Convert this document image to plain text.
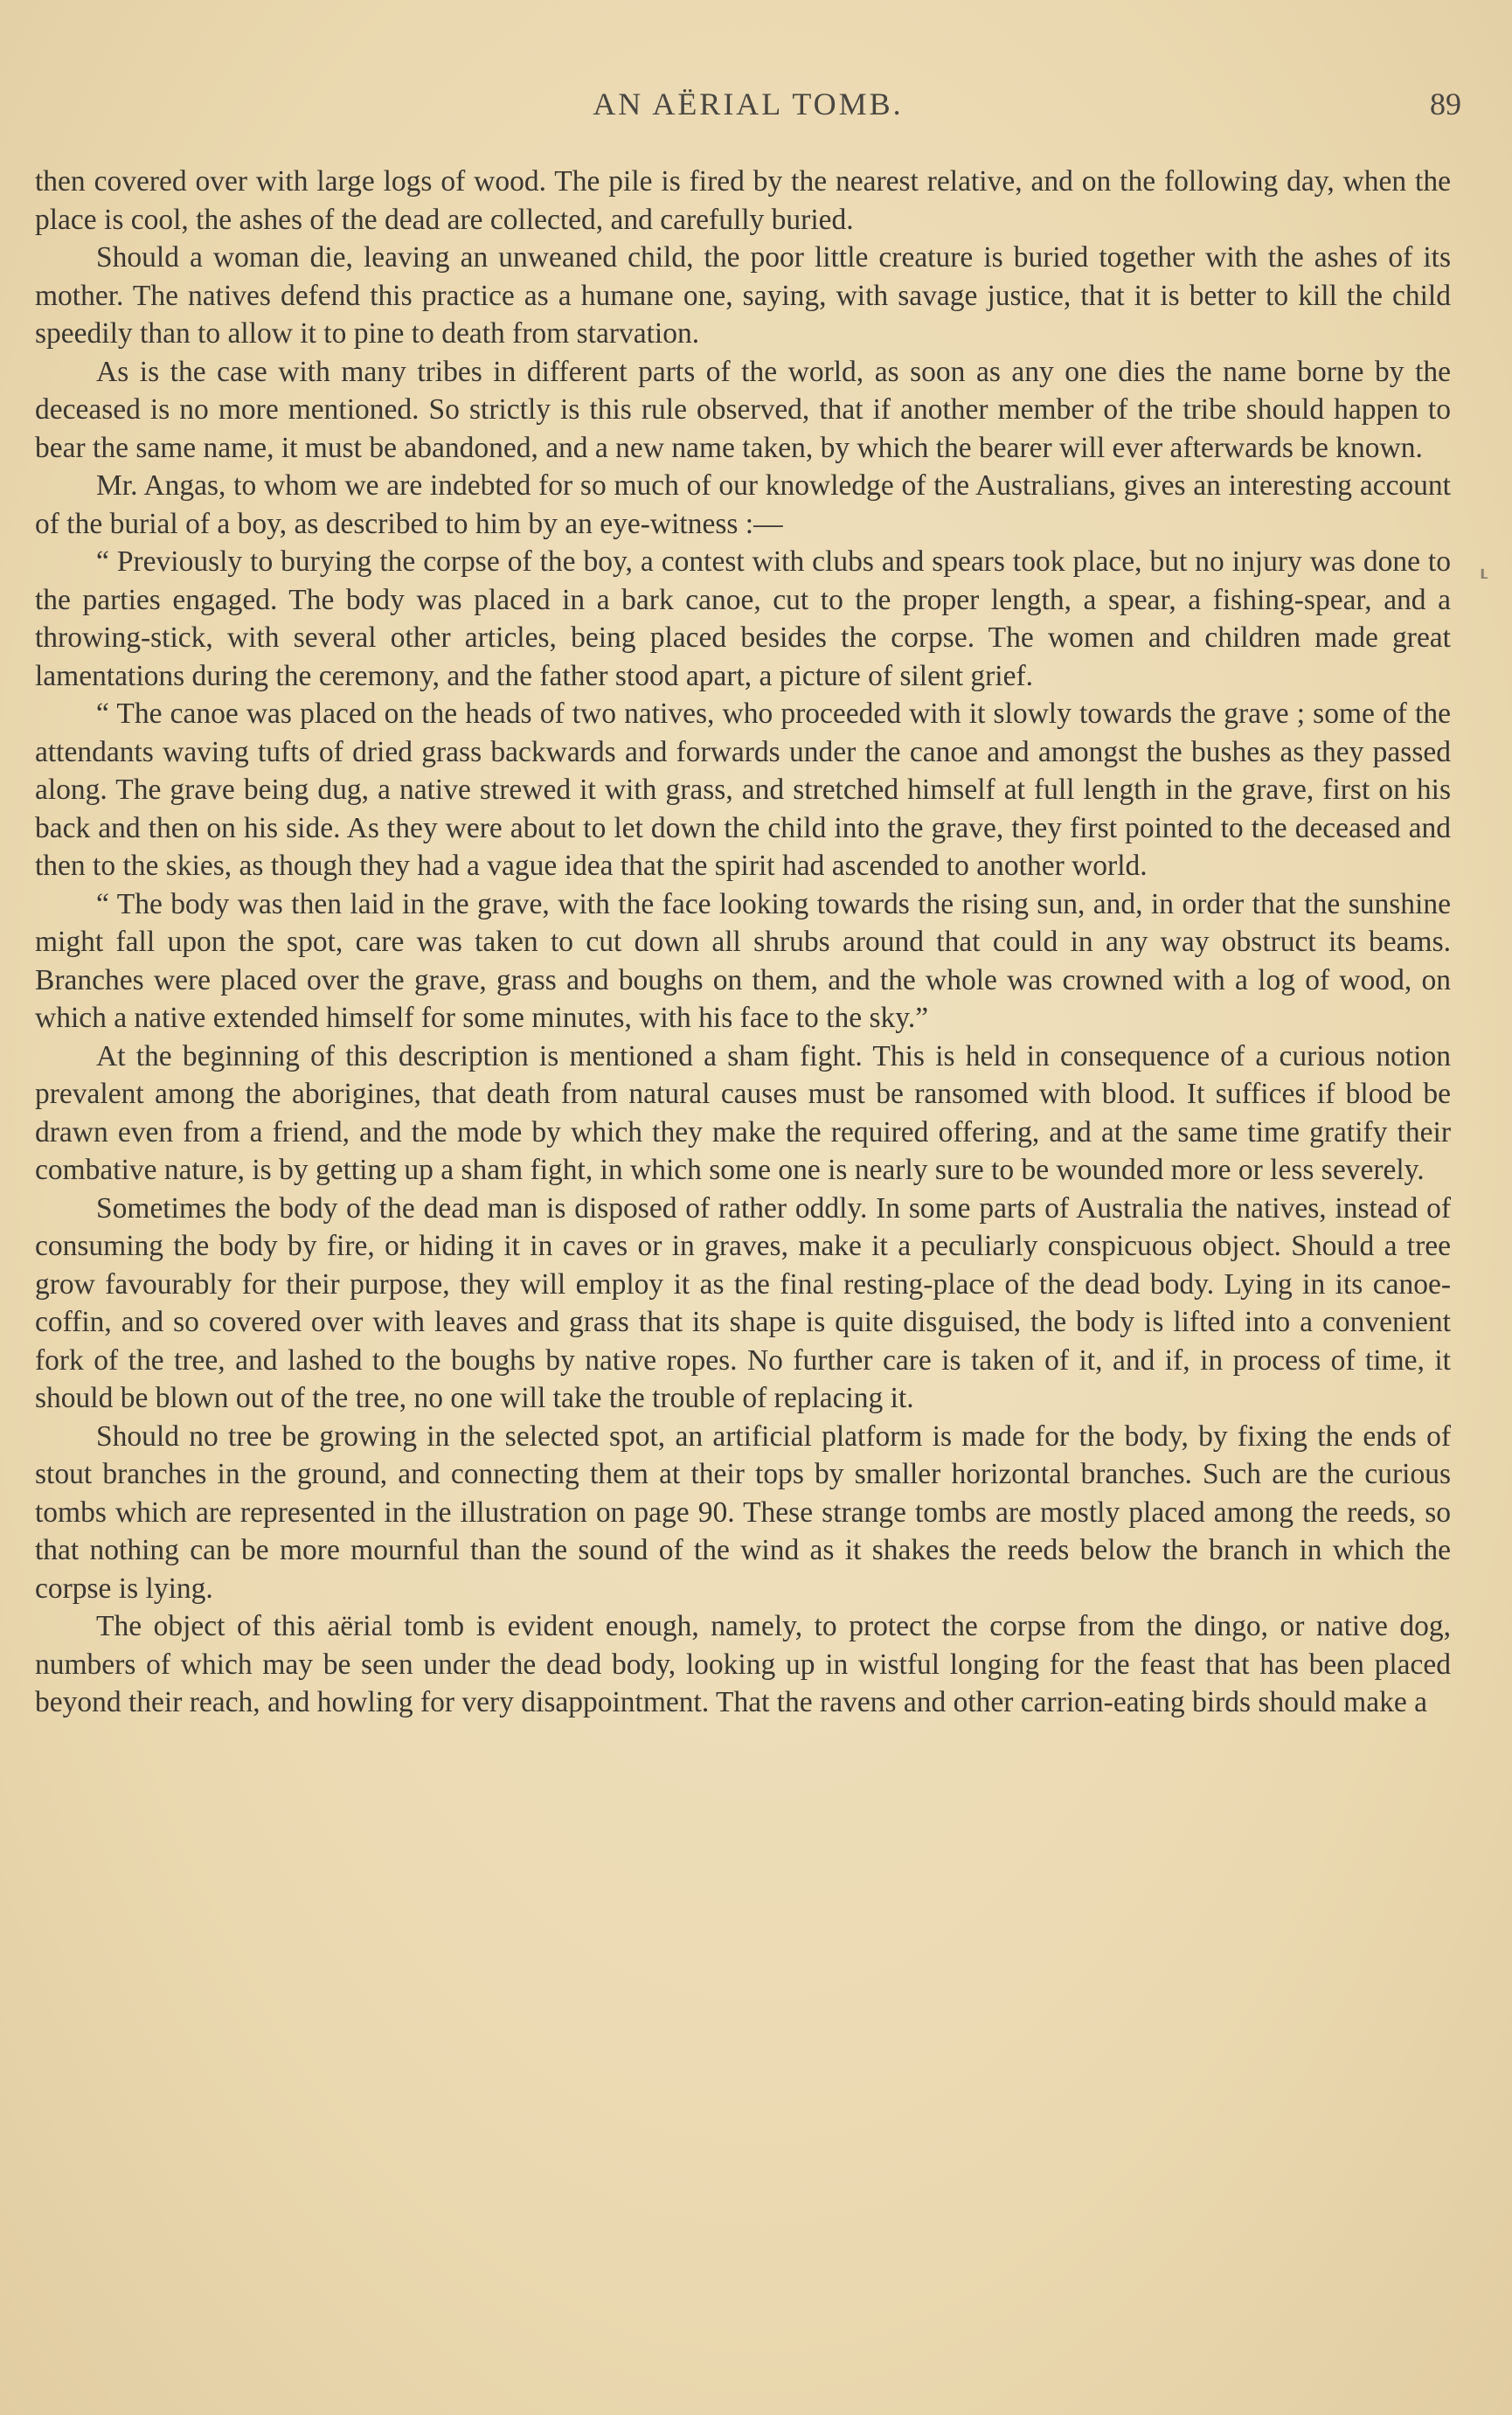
AN AËRIAL TOMB.	89

then covered over with large logs of wood. The pile is fired by the nearest relative, and on the following day, when the place is cool, the ashes of the dead are collected, and carefully buried.

Should a woman die, leaving an unweaned child, the poor little creature is buried together with the ashes of its mother. The natives defend this practice as a humane one, saying, with savage justice, that it is better to kill the child speedily than to allow it to pine to death from starvation.

As is the case with many tribes in different parts of the world, as soon as any one dies the name borne by the deceased is no more mentioned. So strictly is this rule observed, that if another member of the tribe should happen to bear the same name, it must be abandoned, and a new name taken, by which the bearer will ever afterwards be known.

Mr. Angas, to whom we are indebted for so much of our knowledge of the Australians, gives an interesting account of the burial of a boy, as described to him by an eye-witness :—

“ Previously to burying the corpse of the boy, a contest with clubs and spears took place, but no injury was done to the parties engaged. The body was placed in a bark canoe, cut to the proper length, a spear, a fishing-spear, and a throwing-stick, with several other articles, being placed besides the corpse. The women and children made great lamentations during the ceremony, and the father stood apart, a picture of silent grief.

“ The canoe was placed on the heads of two natives, who proceeded with it slowly towards the grave ; some of the attendants waving tufts of dried grass backwards and forwards under the canoe and amongst the bushes as they passed along. The grave being dug, a native strewed it with grass, and stretched himself at full length in the grave, first on his back and then on his side. As they were about to let down the child into the grave, they first pointed to the deceased and then to the skies, as though they had a vague idea that the spirit had ascended to another world.

“ The body was then laid in the grave, with the face looking towards the rising sun, and, in order that the sunshine might fall upon the spot, care was taken to cut down all shrubs around that could in any way obstruct its beams. Branches were placed over the grave, grass and boughs on them, and the whole was crowned with a log of wood, on which a native extended himself for some minutes, with his face to the sky.”

At the beginning of this description is mentioned a sham fight. This is held in consequence of a curious notion prevalent among the aborigines, that death from natural causes must be ransomed with blood. It suffices if blood be drawn even from a friend, and the mode by which they make the required offering, and at the same time gratify their combative nature, is by getting up a sham fight, in which some one is nearly sure to be wounded more or less severely.

Sometimes the body of the dead man is disposed of rather oddly. In some parts of Australia the natives, instead of consuming the body by fire, or hiding it in caves or in graves, make it a peculiarly conspicuous object. Should a tree grow favourably for their purpose, they will employ it as the final resting-place of the dead body. Lying in its canoe-coffin, and so covered over with leaves and grass that its shape is quite disguised, the body is lifted into a convenient fork of the tree, and lashed to the boughs by native ropes. No further care is taken of it, and if, in process of time, it should be blown out of the tree, no one will take the trouble of replacing it.

Should no tree be growing in the selected spot, an artificial platform is made for the body, by fixing the ends of stout branches in the ground, and connecting them at their tops by smaller horizontal branches. Such are the curious tombs which are represented in the illustration on page 90. These strange tombs are mostly placed among the reeds, so that nothing can be more mournful than the sound of the wind as it shakes the reeds below the branch in which the corpse is lying.

The object of this aërial tomb is evident enough, namely, to protect the corpse from the dingo, or native dog, numbers of which may be seen under the dead body, looking up in wistful longing for the feast that has been placed beyond their reach, and howling for very disappointment. That the ravens and other carrion-eating birds should make a

⸤
